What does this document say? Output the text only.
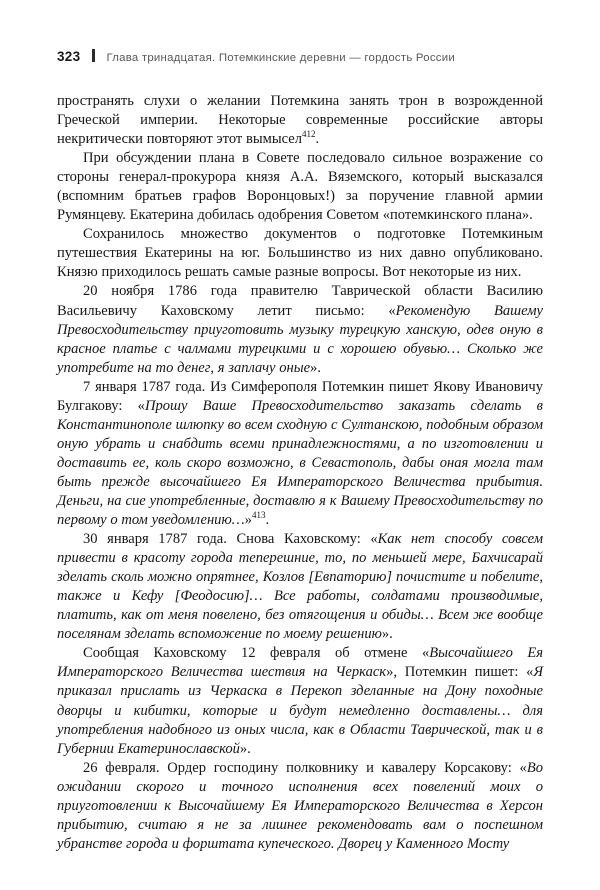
323 Глава тринадцатая. Потемкинские деревни — гордость России

пространять слухи о желании Потемкина занять трон в возрожденной Греческой империи. Некоторые современные российские авторы некритически повторяют этот вымысел$^{412}$.

При обсуждении плана в Совете последовало сильное возражение со стороны генерал-прокурора князя А.А. Вяземского, который высказался (вспомним братьев графов Воронцовых!) за поручение главной армии Румянцеву. Екатерина добилась одобрения Советом «потемкинского плана».

Сохранилось множество документов о подготовке Потемкиным путешествия Екатерины на юг. Большинство из них давно опубликовано. Князю приходилось решать самые разные вопросы. Вот некоторые из них.

20 ноября 1786 года правителю Таврической области Василию Васильевичу Каховскому летит письмо: «Рекомендую Вашему Превосходительству приуготовить музыку турецкую ханскую, одев оную в красное платье с чалмами турецкими и с хорошею обувью… Сколько же употребите на то денег, я заплачу оные».

7 января 1787 года. Из Симферополя Потемкин пишет Якову Ивановичу Булгакову: «Прошу Ваше Превосходительство заказать сделать в Константинополе шлюпку во всем сходную с Султанскою, подобным образом оную убрать и снабдить всеми принадлежностями, а по изготовлении и доставить ее, коль скоро возможно, в Севастополь, дабы оная могла там быть прежде высочайшего Ея Императорского Величества прибытия. Деньги, на сие употребленные, доставлю я к Вашему Превосходительству по первому о том уведомлению…»$^{413}$.

30 января 1787 года. Снова Каховскому: «Как нет способу совсем привести в красоту города теперешние, то, по меньшей мере, Бахчисарай зделать сколь можно опрятнее, Козлов [Евпаторию] почистите и побелите, также и Кефу [Феодосию]… Все работы, солдатами производимые, платить, как от меня повелено, без отягощения и обиды… Всем же вообще поселянам зделать вспоможение по моему решению».

Сообщая Каховскому 12 февраля об отмене «Высочайшего Ея Императорского Величества шествия на Черкаск», Потемкин пишет: «Я приказал прислать из Черкаска в Перекоп зделанные на Дону походные дворцы и кибитки, которые и будут немедленно доставлены… для употребления надобного из оных числа, как в Области Таврической, так и в Губернии Екатеринославской».

26 февраля. Ордер господину полковнику и кавалеру Корсакову: «Во ожидании скорого и точного исполнения всех повелений моих о приуготовлении к Высочайшему Ея Императорского Величества в Херсон прибытию, считаю я не за лишнее рекомендовать вам о поспешном убранстве города и форштата купеческого. Дворец у Каменного Мосту
